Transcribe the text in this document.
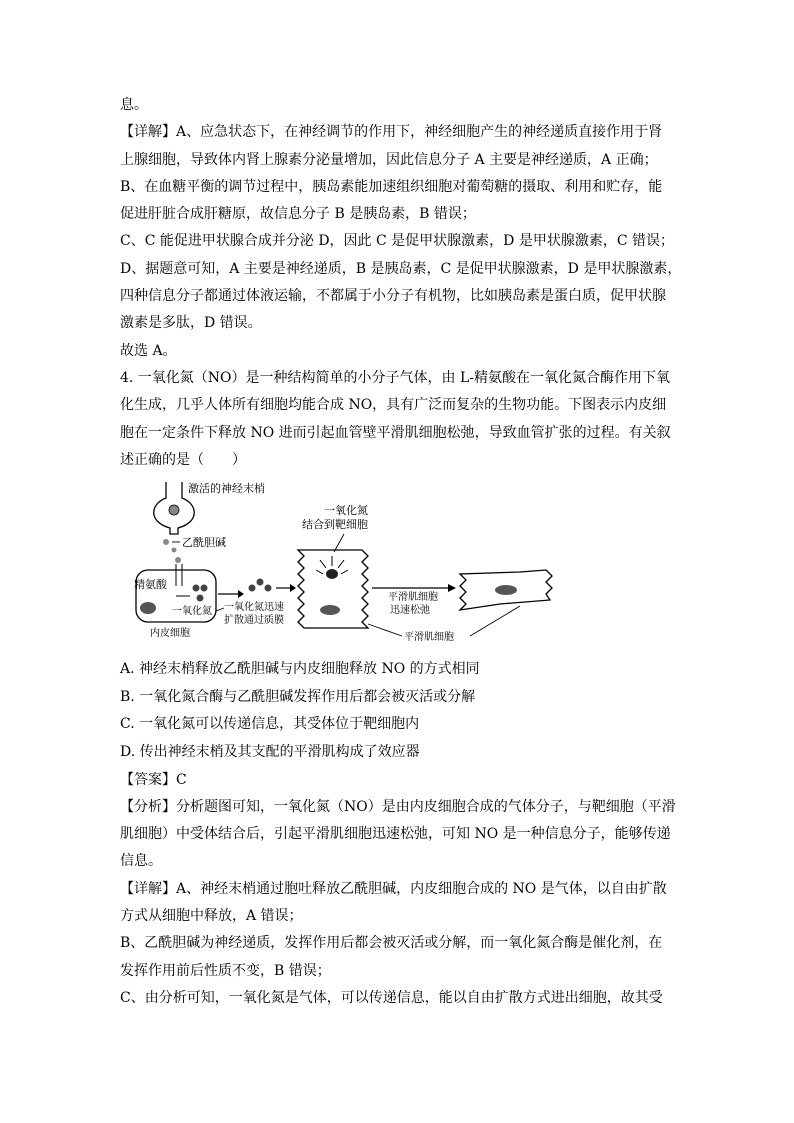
息。

【详解】A、应急状态下，在神经调节的作用下，神经细胞产生的神经递质直接作用于肾

上腺细胞，导致体内肾上腺素分泌量增加，因此信息分子 A 主要是神经递质，A 正确；

B、在血糖平衡的调节过程中，胰岛素能加速组织细胞对葡萄糖的摄取、利用和贮存，能

促进肝脏合成肝糖原，故信息分子 B 是胰岛素，B 错误；

C、C 能促进甲状腺合成并分泌 D，因此 C 是促甲状腺激素，D 是甲状腺激素，C 错误；

D、据题意可知，A 主要是神经递质，B 是胰岛素，C 是促甲状腺激素，D 是甲状腺激素，

四种信息分子都通过体液运输，不都属于小分子有机物，比如胰岛素是蛋白质，促甲状腺

激素是多肽，D 错误。

故选 A。

4. 一氧化氮（NO）是一种结构简单的小分子气体，由 L-精氨酸在一氧化氮合酶作用下氧

化生成，几乎人体所有细胞均能合成 NO，具有广泛而复杂的生物功能。下图表示内皮细

胞在一定条件下释放 NO 进而引起血管壁平滑肌细胞松弛，导致血管扩张的过程。有关叙

述正确的是（　　）

激活的神经末梢
乙酰胆碱
一氧化氮
结合到靶细胞
精氨酸
一氧化氮
内皮细胞
一氧化氮迅速
扩散通过质膜
平滑肌细胞
迅速松弛
平滑肌细胞

A. 神经末梢释放乙酰胆碱与内皮细胞释放 NO 的方式相同

B. 一氧化氮合酶与乙酰胆碱发挥作用后都会被灭活或分解

C. 一氧化氮可以传递信息，其受体位于靶细胞内

D. 传出神经末梢及其支配的平滑肌构成了效应器

【答案】C

【分析】分析题图可知，一氧化氮（NO）是由内皮细胞合成的气体分子，与靶细胞（平滑

肌细胞）中受体结合后，引起平滑肌细胞迅速松弛，可知 NO 是一种信息分子，能够传递

信息。

【详解】A、神经末梢通过胞吐释放乙酰胆碱，内皮细胞合成的 NO 是气体，以自由扩散

方式从细胞中释放，A 错误；

B、乙酰胆碱为神经递质，发挥作用后都会被灭活或分解，而一氧化氮合酶是催化剂，在

发挥作用前后性质不变，B 错误；

C、由分析可知，一氧化氮是气体，可以传递信息，能以自由扩散方式进出细胞，故其受
